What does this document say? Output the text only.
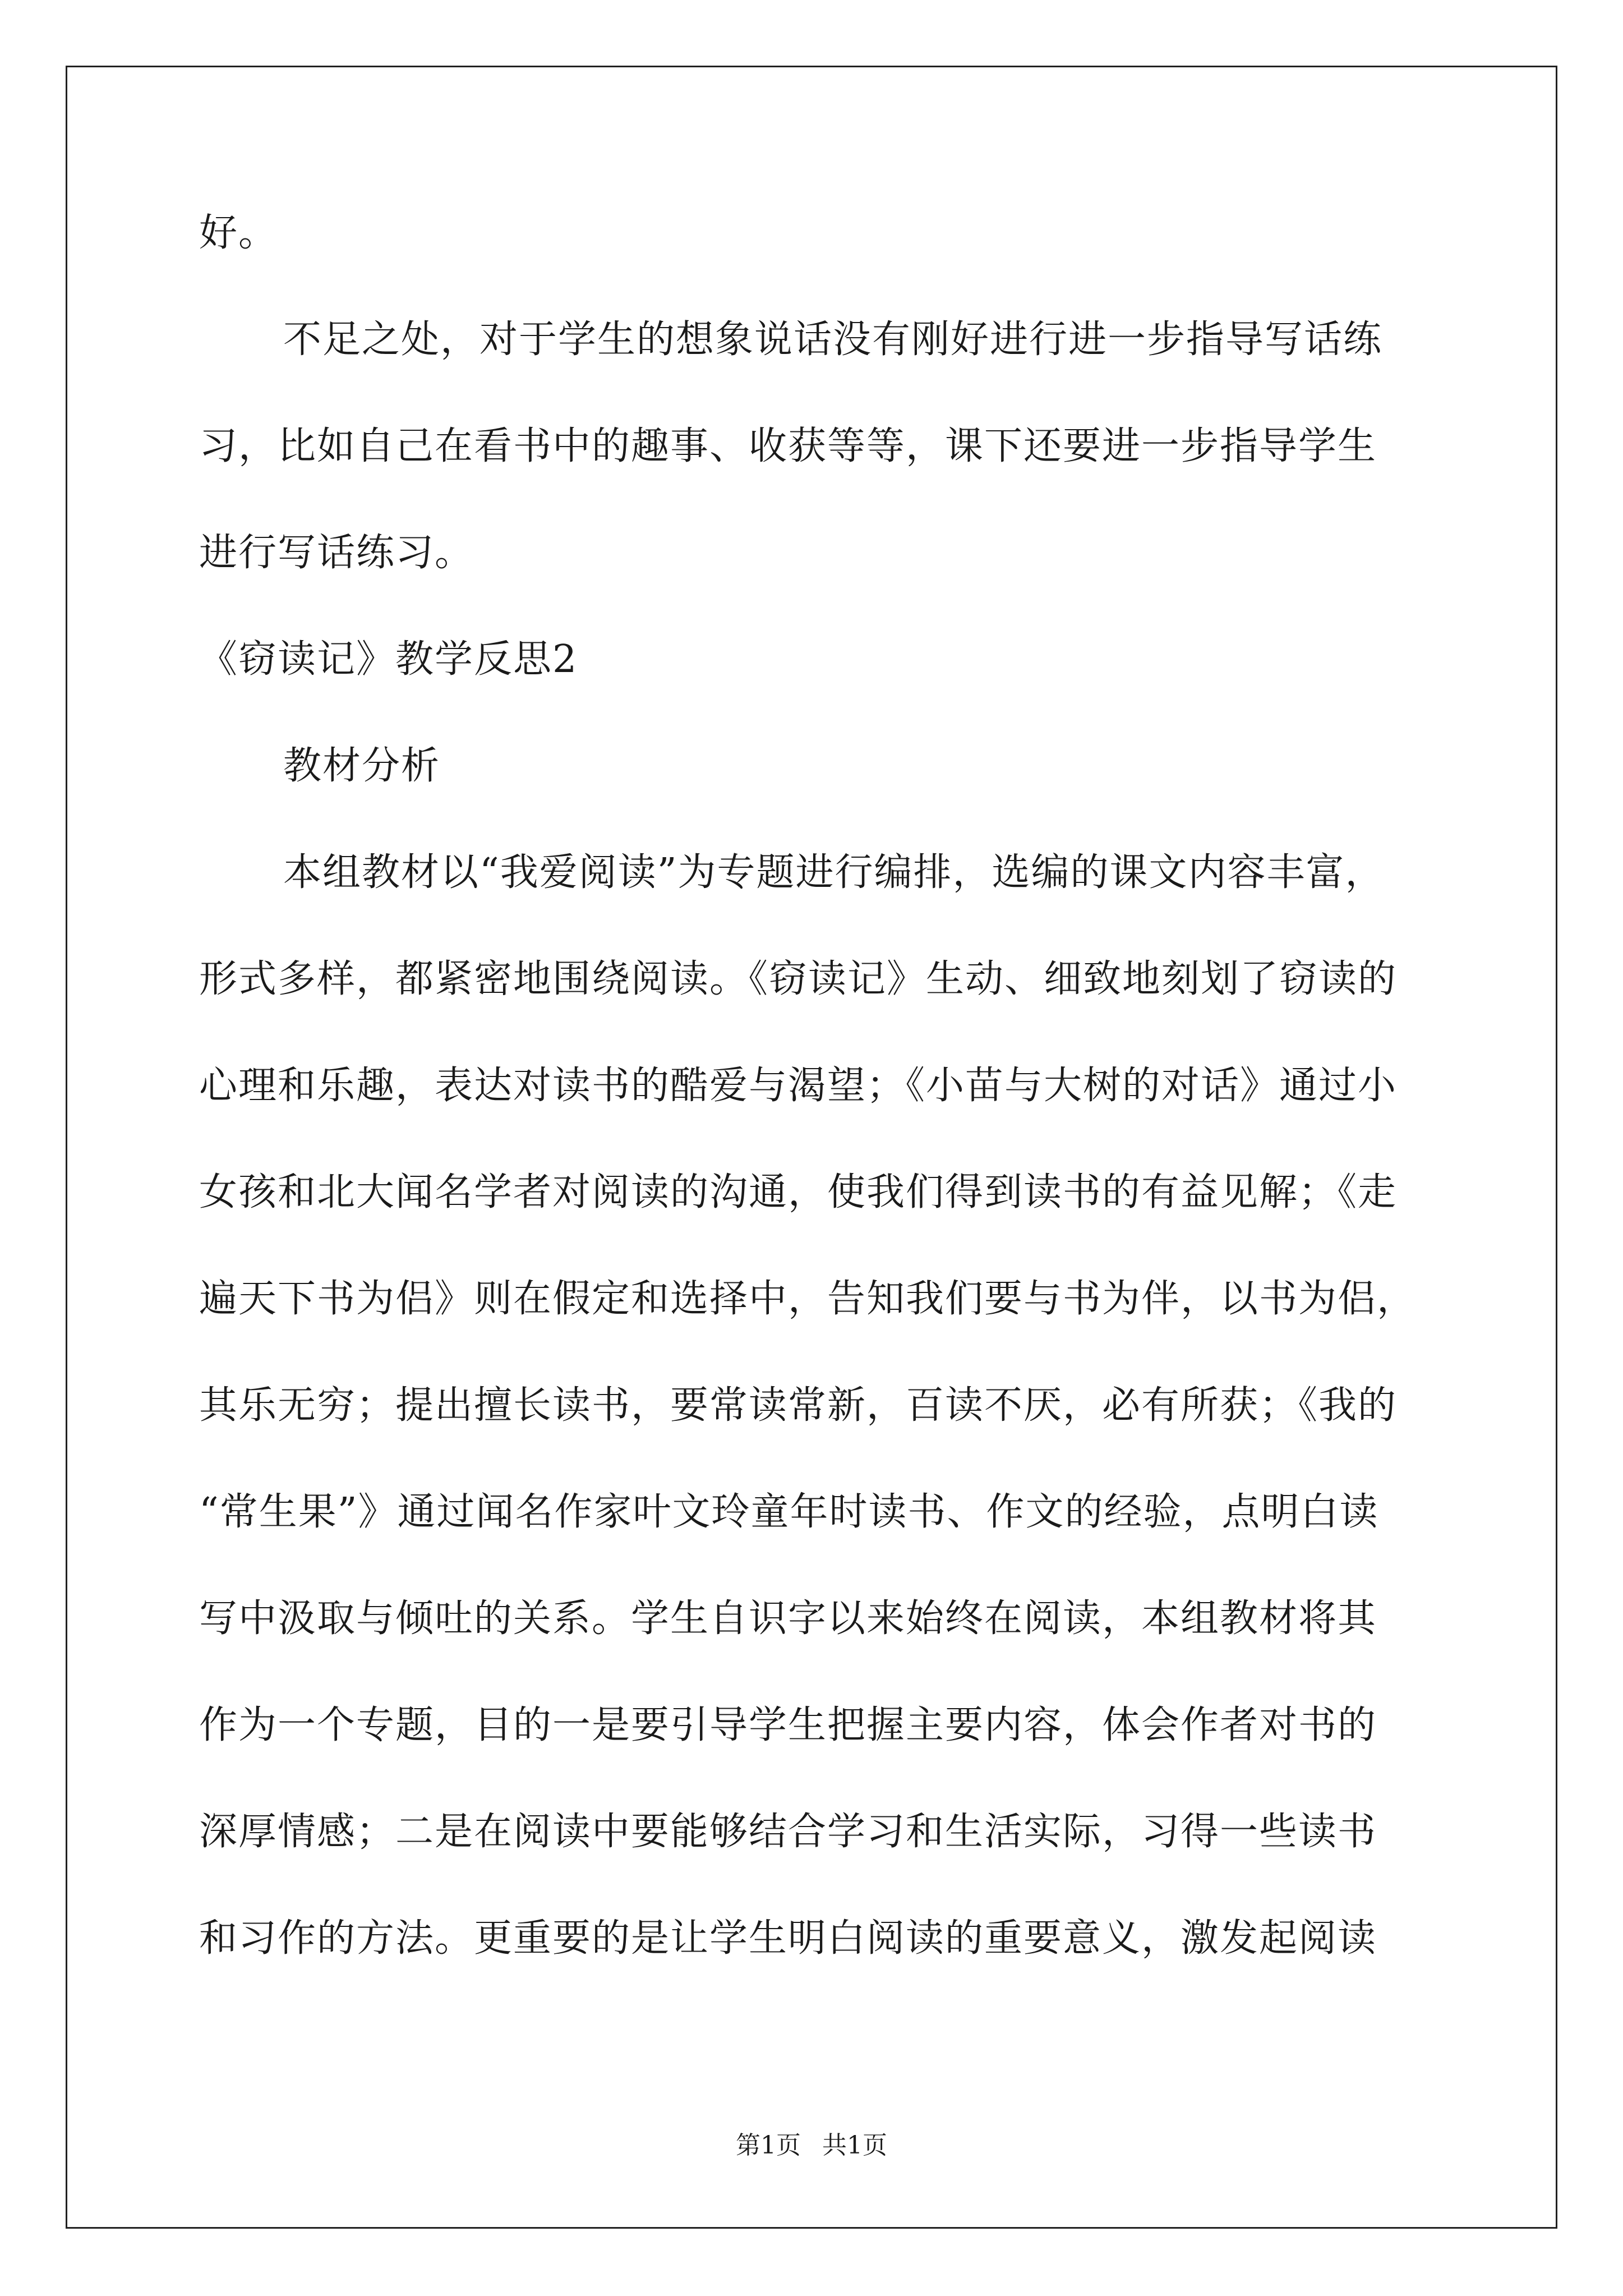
好。

不足之处，对于学生的想象说话没有刚好进行进一步指导写话练

习，比如自己在看书中的趣事、收获等等，课下还要进一步指导学生

进行写话练习。

《窃读记》教学反思2

教材分析

本组教材以“我爱阅读”为专题进行编排，选编的课文内容丰富，

形式多样，都紧密地围绕阅读。《窃读记》生动、细致地刻划了窃读的

心理和乐趣，表达对读书的酷爱与渴望；《小苗与大树的对话》通过小

女孩和北大闻名学者对阅读的沟通，使我们得到读书的有益见解；《走

遍天下书为侣》则在假定和选择中，告知我们要与书为伴，以书为侣，

其乐无穷；提出擅长读书，要常读常新，百读不厌，必有所获；《我的

“常生果”》通过闻名作家叶文玲童年时读书、作文的经验，点明白读

写中汲取与倾吐的关系。学生自识字以来始终在阅读，本组教材将其

作为一个专题，目的一是要引导学生把握主要内容，体会作者对书的

深厚情感；二是在阅读中要能够结合学习和生活实际，习得一些读书

和习作的方法。更重要的是让学生明白阅读的重要意义，激发起阅读

第1页 共1页
